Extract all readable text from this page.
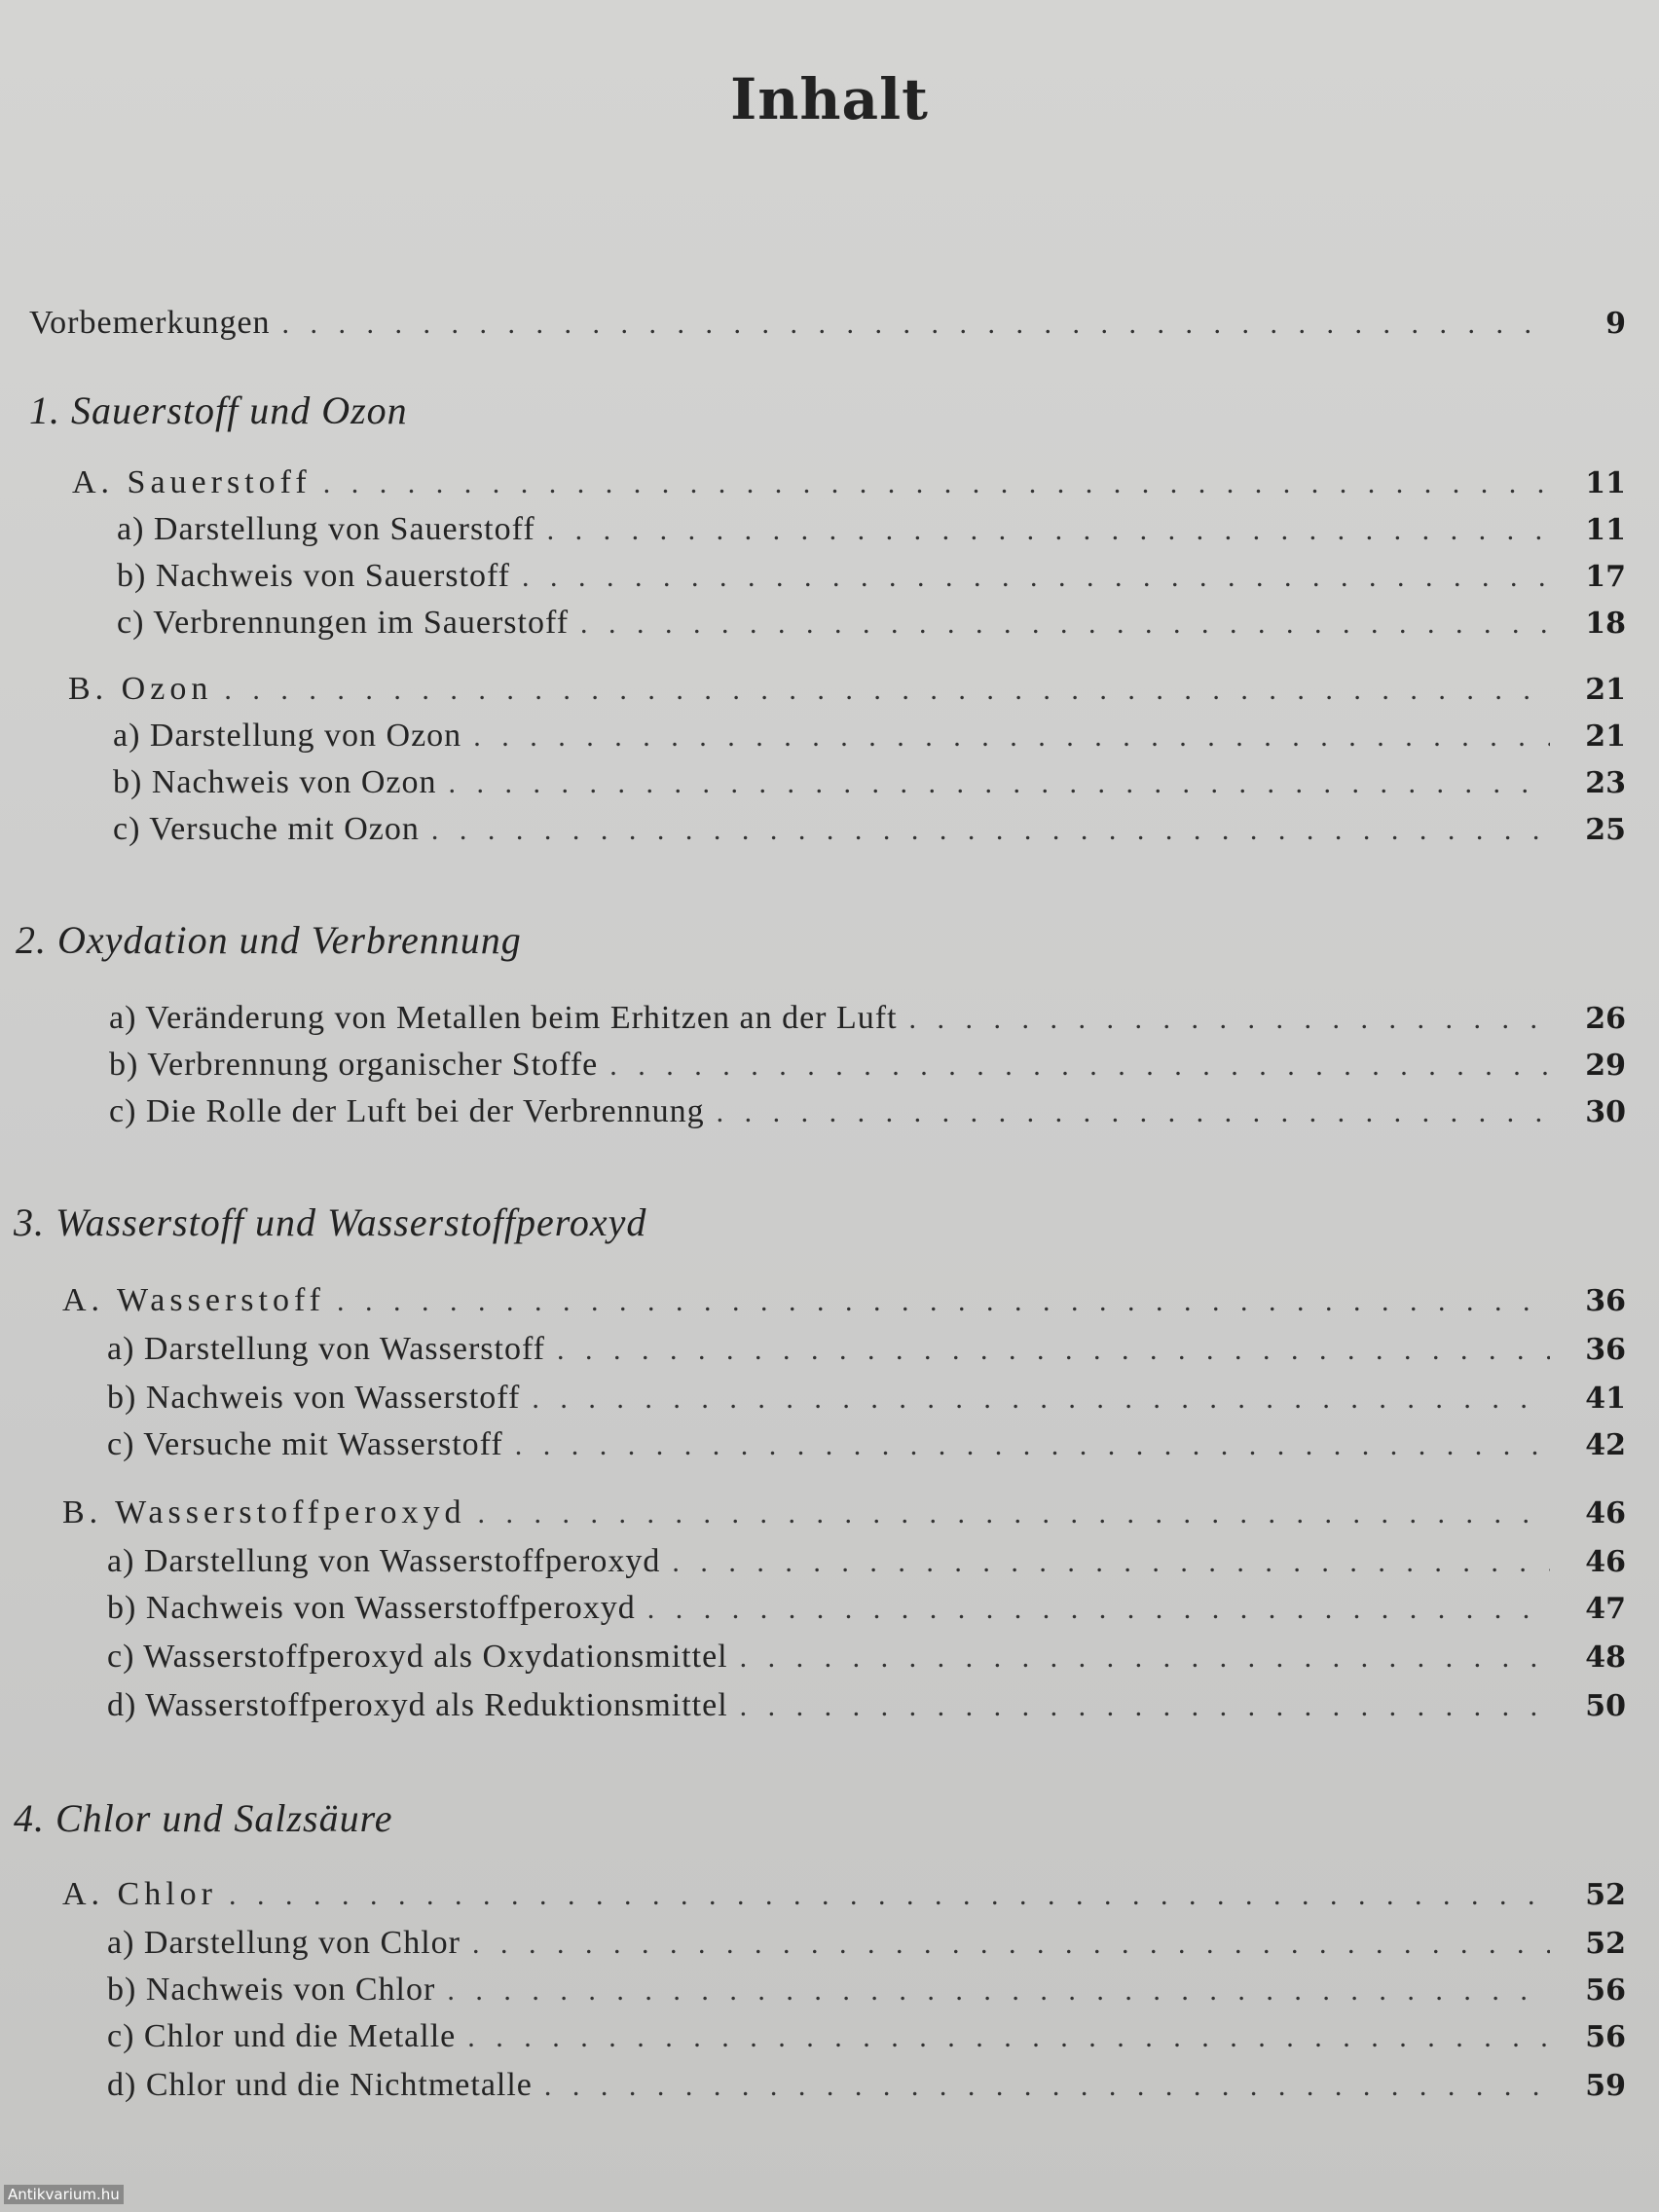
Inhalt
Vorbemerkungen . . .	9
1. Sauerstoff und Ozon
A. Sauerstoff . . .	11
a) Darstellung von Sauerstoff . . .	11
b) Nachweis von Sauerstoff . . .	17
c) Verbrennungen im Sauerstoff . . .	18
B. Ozon . . .	21
a) Darstellung von Ozon . . .	21
b) Nachweis von Ozon . . .	23
c) Versuche mit Ozon . . .	25
2. Oxydation und Verbrennung
a) Veränderung von Metallen beim Erhitzen an der Luft . . .	26
b) Verbrennung organischer Stoffe . . .	29
c) Die Rolle der Luft bei der Verbrennung . . .	30
3. Wasserstoff und Wasserstoffperoxyd
A. Wasserstoff . . .	36
a) Darstellung von Wasserstoff . . .	36
b) Nachweis von Wasserstoff . . .	41
c) Versuche mit Wasserstoff . . .	42
B. Wasserstoffperoxyd . . .	46
a) Darstellung von Wasserstoffperoxyd . . .	46
b) Nachweis von Wasserstoffperoxyd . . .	47
c) Wasserstoffperoxyd als Oxydationsmittel . . .	48
d) Wasserstoffperoxyd als Reduktionsmittel . . .	50
4. Chlor und Salzsäure
A. Chlor . . .	52
a) Darstellung von Chlor . . .	52
b) Nachweis von Chlor . . .	56
c) Chlor und die Metalle . . .	56
d) Chlor und die Nichtmetalle . . .	59
Antikvarium.hu
